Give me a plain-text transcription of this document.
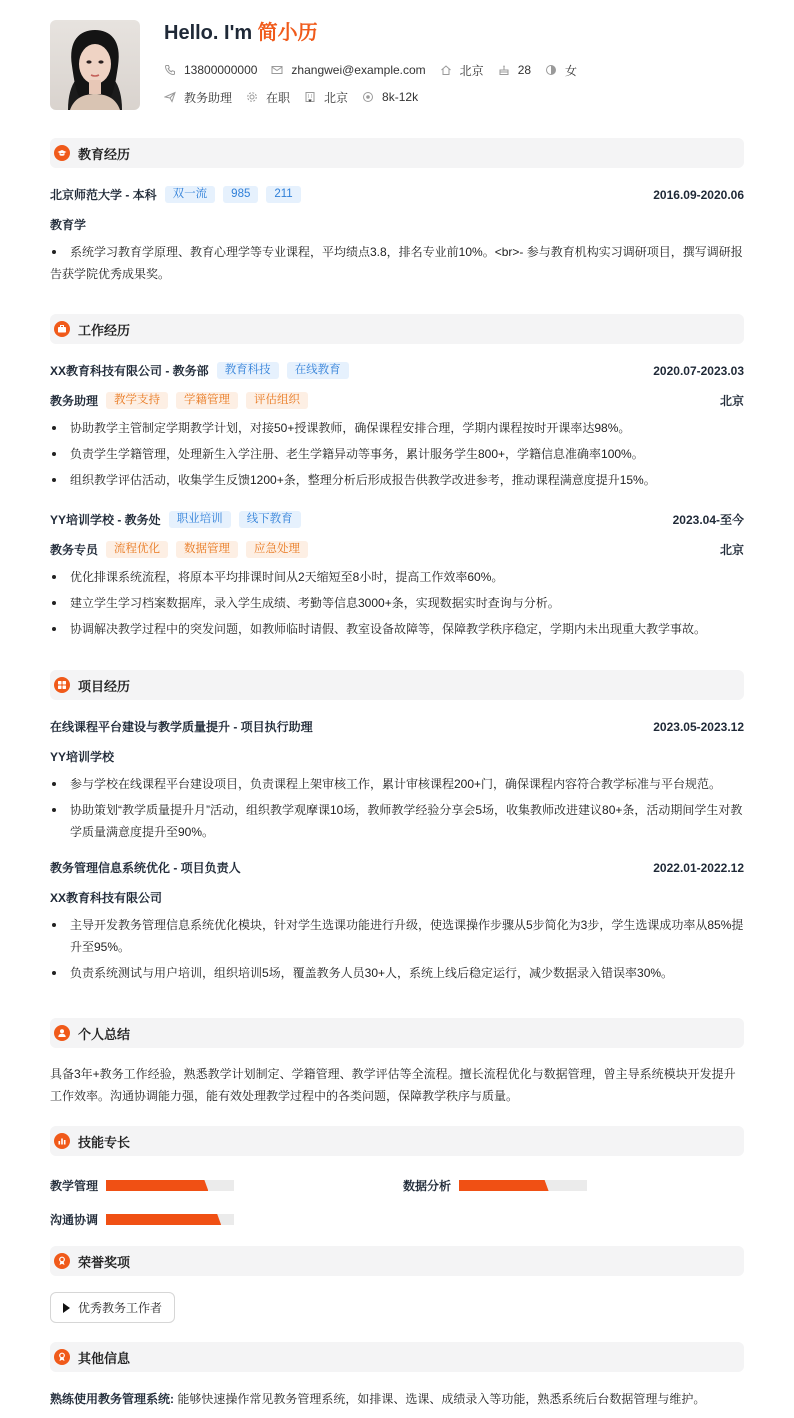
Hello. I'm 简小历
13800000000	zhangwei@example.com	北京	28	女
教务助理	在职	北京	8k-12k
教育经历
北京师范大学 - 本科	双一流	985	211	2016.09-2020.06
教育学
系统学习教育学原理、教育心理学等专业课程，平均绩点3.8，排名专业前10%。<br>- 参与教育机构实习调研项目，撰写调研报告获学院优秀成果奖。
工作经历
XX教育科技有限公司 - 教务部	教育科技	在线教育	2020.07-2023.03
教务助理	教学支持	学籍管理	评估组织	北京
协助教学主管制定学期教学计划，对接50+授课教师，确保课程安排合理，学期内课程按时开课率达98%。
负责学生学籍管理，处理新生入学注册、老生学籍异动等事务，累计服务学生800+，学籍信息准确率100%。
组织教学评估活动，收集学生反馈1200+条，整理分析后形成报告供教学改进参考，推动课程满意度提升15%。
YY培训学校 - 教务处	职业培训	线下教育	2023.04-至今
教务专员	流程优化	数据管理	应急处理	北京
优化排课系统流程，将原本平均排课时间从2天缩短至8小时，提高工作效率60%。
建立学生学习档案数据库，录入学生成绩、考勤等信息3000+条，实现数据实时查询与分析。
协调解决教学过程中的突发问题，如教师临时请假、教室设备故障等，保障教学秩序稳定，学期内未出现重大教学事故。
项目经历
在线课程平台建设与教学质量提升 - 项目执行助理	2023.05-2023.12
YY培训学校
参与学校在线课程平台建设项目，负责课程上架审核工作，累计审核课程200+门，确保课程内容符合教学标准与平台规范。
协助策划“教学质量提升月”活动，组织教学观摩课10场，教师教学经验分享会5场，收集教师改进建议80+条，活动期间学生对教学质量满意度提升至90%。
教务管理信息系统优化 - 项目负责人	2022.01-2022.12
XX教育科技有限公司
主导开发教务管理信息系统优化模块，针对学生选课功能进行升级，使选课操作步骤从5步简化为3步，学生选课成功率从85%提升至95%。
负责系统测试与用户培训，组织培训5场，覆盖教务人员30+人，系统上线后稳定运行，减少数据录入错误率30%。
个人总结

具备3年+教务工作经验，熟悉教学计划制定、学籍管理、教学评估等全流程。擅长流程优化与数据管理，曾主导系统模块开发提升工作效率。沟通协调能力强，能有效处理教学过程中的各类问题，保障教学秩序与质量。

技能专长
教学管理	数据分析
沟通协调
荣誉奖项
优秀教务工作者
其他信息

熟练使用教务管理系统: 能够快速操作常见教务管理系统，如排课、选课、成绩录入等功能，熟悉系统后台数据管理与维护。
